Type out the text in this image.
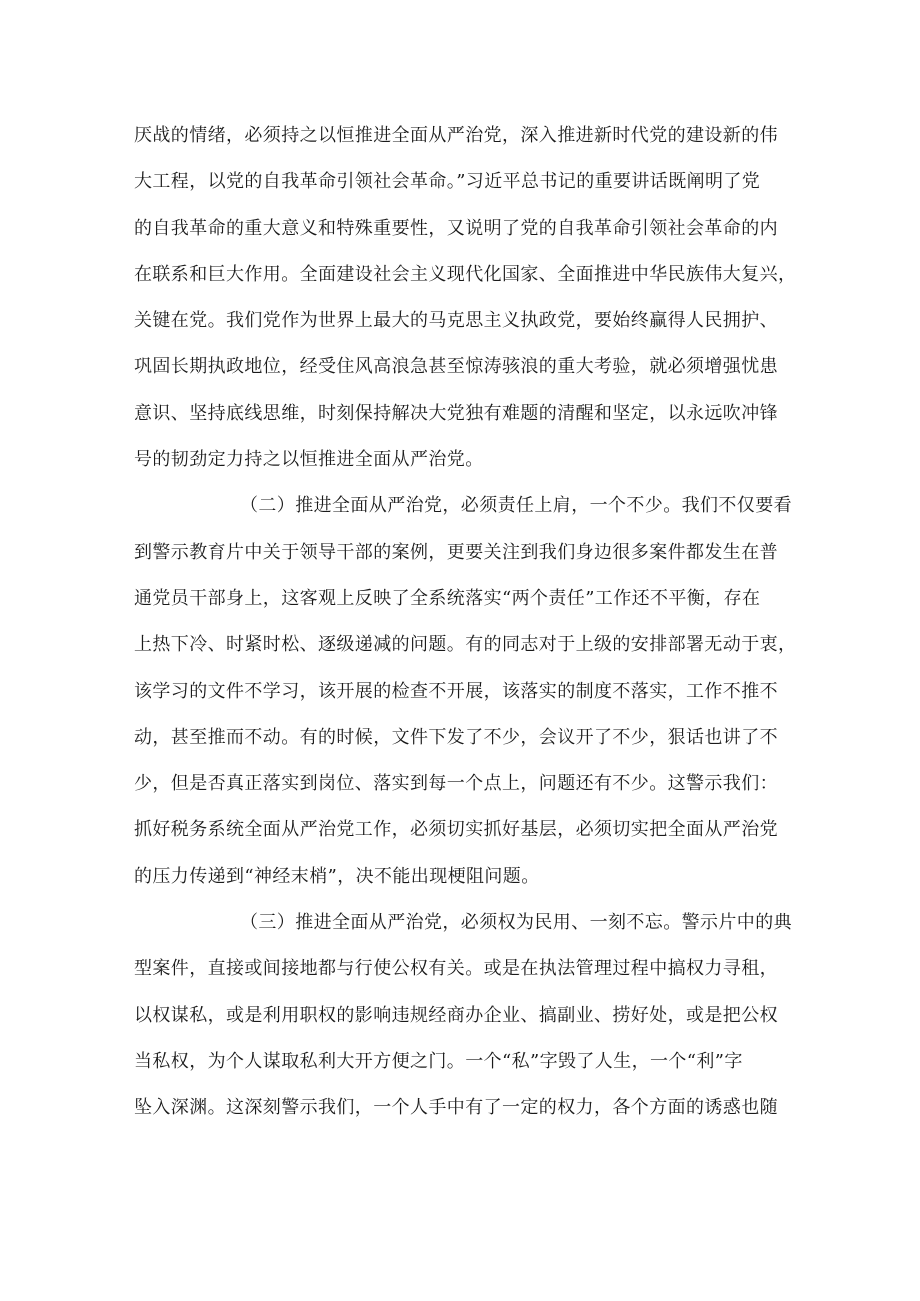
厌战的情绪，必须持之以恒推进全面从严治党，深入推进新时代党的建设新的伟
大工程，以党的自我革命引领社会革命。”习近平总书记的重要讲话既阐明了党
的自我革命的重大意义和特殊重要性，又说明了党的自我革命引领社会革命的内
在联系和巨大作用。全面建设社会主义现代化国家、全面推进中华民族伟大复兴，
关键在党。我们党作为世界上最大的马克思主义执政党，要始终赢得人民拥护、
巩固长期执政地位，经受住风高浪急甚至惊涛骇浪的重大考验，就必须增强忧患
意识、坚持底线思维，时刻保持解决大党独有难题的清醒和坚定，以永远吹冲锋
号的韧劲定力持之以恒推进全面从严治党。
（二）推进全面从严治党，必须责任上肩，一个不少。我们不仅要看
到警示教育片中关于领导干部的案例，更要关注到我们身边很多案件都发生在普
通党员干部身上，这客观上反映了全系统落实“两个责任”工作还不平衡，存在
上热下冷、时紧时松、逐级递减的问题。有的同志对于上级的安排部署无动于衷，
该学习的文件不学习，该开展的检查不开展，该落实的制度不落实，工作不推不
动，甚至推而不动。有的时候，文件下发了不少，会议开了不少，狠话也讲了不
少，但是否真正落实到岗位、落实到每一个点上，问题还有不少。这警示我们：
抓好税务系统全面从严治党工作，必须切实抓好基层，必须切实把全面从严治党
的压力传递到“神经末梢”，决不能出现梗阻问题。
（三）推进全面从严治党，必须权为民用、一刻不忘。警示片中的典
型案件，直接或间接地都与行使公权有关。或是在执法管理过程中搞权力寻租，
以权谋私，或是利用职权的影响违规经商办企业、搞副业、捞好处，或是把公权
当私权，为个人谋取私利大开方便之门。一个“私”字毁了人生，一个“利”字
坠入深渊。这深刻警示我们，一个人手中有了一定的权力，各个方面的诱惑也随
